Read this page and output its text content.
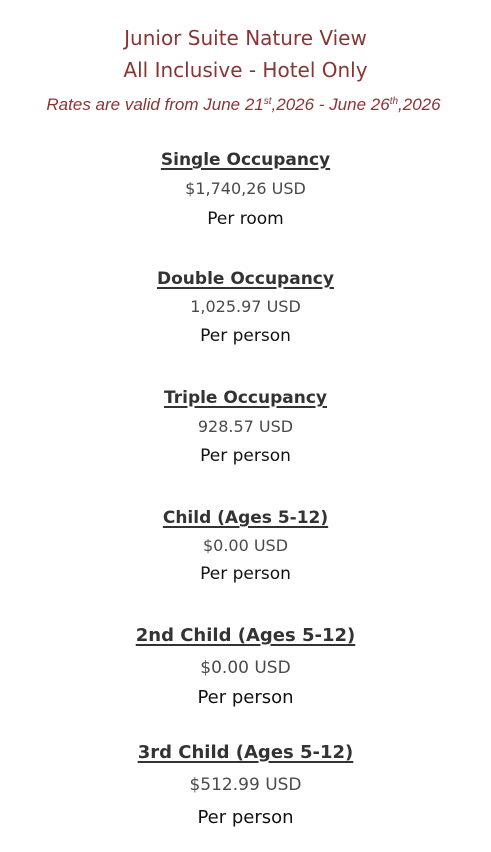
Junior Suite Nature View
All Inclusive - Hotel Only
Rates are valid from June 21st,2026 - June 26th,2026
Single Occupancy
$1,740,26 USD
Per room
Double Occupancy
1,025.97 USD
Per person
Triple Occupancy
928.57 USD
Per person
Child (Ages 5-12)
$0.00 USD
Per person
2nd Child (Ages 5-12)
$0.00 USD
Per person
3rd Child (Ages 5-12)
$512.99 USD
Per person
